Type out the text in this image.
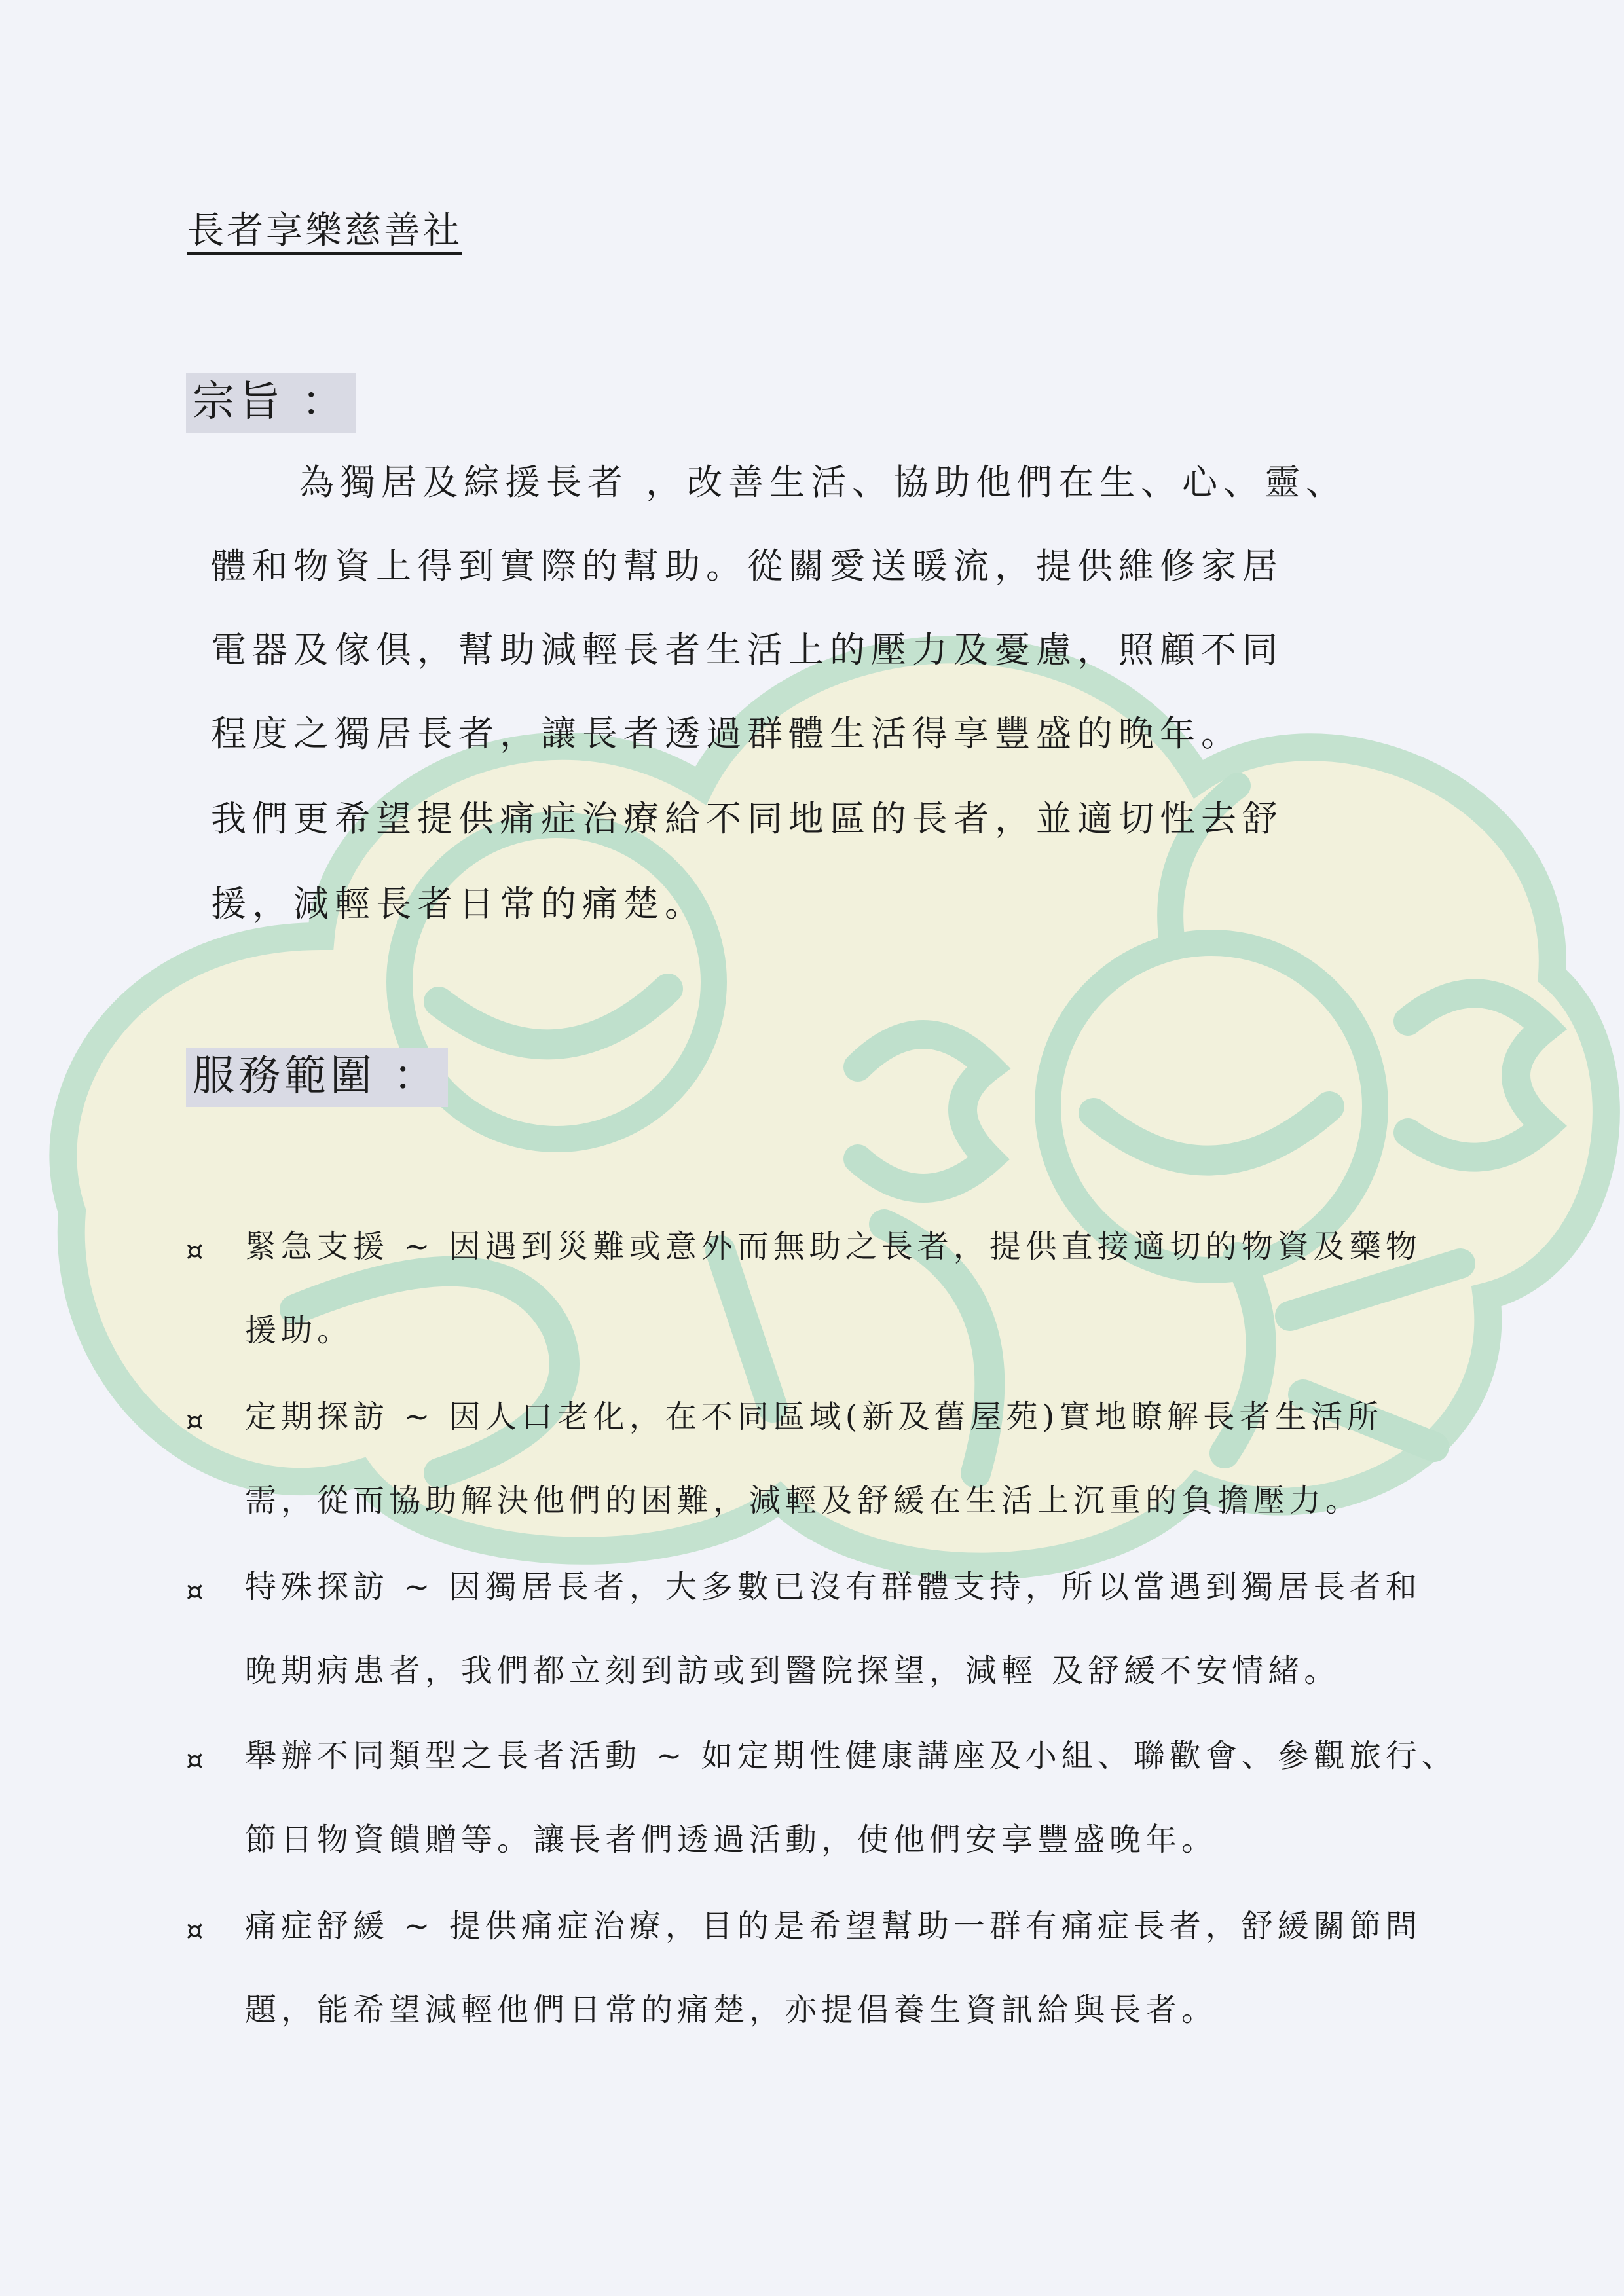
長者享樂慈善社
宗旨 ：
為獨居及綜援長者 ，改善生活、協助他們在生、心、靈、
體和物資上得到實際的幫助。從關愛送暖流，提供維修家居
電器及傢俱，幫助減輕長者生活上的壓力及憂慮，照顧不同
程度之獨居長者，讓長者透過群體生活得享豐盛的晚年。
我們更希望提供痛症治療給不同地區的長者，並適切性去舒
援，減輕長者日常的痛楚。
服務範圍 ：
¤ 緊急支援 ~ 因遇到災難或意外而無助之長者，提供直接適切的物資及藥物
援助。
¤ 定期探訪 ~ 因人口老化，在不同區域(新及舊屋苑)實地瞭解長者生活所
需，從而協助解決他們的困難，減輕及舒緩在生活上沉重的負擔壓力。
¤ 特殊探訪 ~ 因獨居長者，大多數已沒有群體支持，所以當遇到獨居長者和
晚期病患者，我們都立刻到訪或到醫院探望，減輕 及舒緩不安情緒。
¤ 舉辦不同類型之長者活動 ~ 如定期性健康講座及小組、聯歡會、參觀旅行、
節日物資饋贈等。讓長者們透過活動，使他們安享豐盛晚年。
¤ 痛症舒緩 ~ 提供痛症治療，目的是希望幫助一群有痛症長者，舒緩關節問
題，能希望減輕他們日常的痛楚，亦提倡養生資訊給與長者。
